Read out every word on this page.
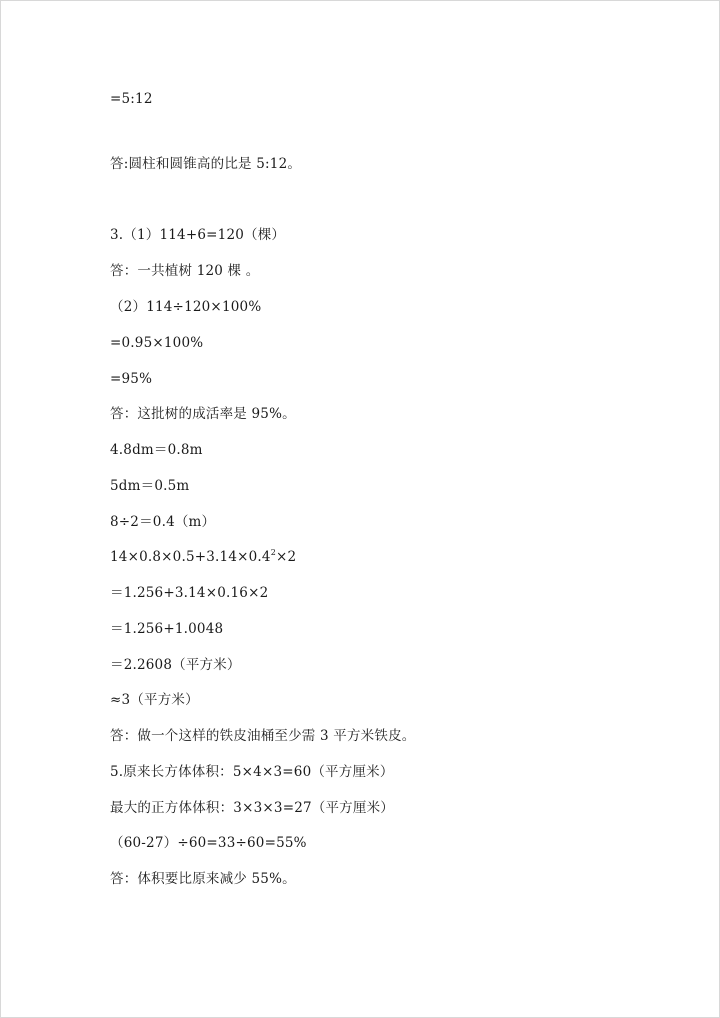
=5:12
答:圆柱和圆锥高的比是 5:12。
3.（1）114+6=120（棵）
答：一共植树 120 棵 。
（2）114÷120×100%
=0.95×100%
=95%
答：这批树的成活率是 95%。
4.8dm＝0.8m
5dm＝0.5m
8÷2＝0.4（m）
$14\times 0.8\times 0.5+3.14\times 0.4^2\times 2$
＝1.256+3.14×0.16×2
＝1.256+1.0048
＝2.2608（平方米）
≈3（平方米）
答：做一个这样的铁皮油桶至少需 3 平方米铁皮。
5.原来长方体体积：5×4×3=60（平方厘米）
最大的正方体体积：3×3×3=27（平方厘米）
（60-27）÷60=33÷60=55%
答：体积要比原来减少 55%。
